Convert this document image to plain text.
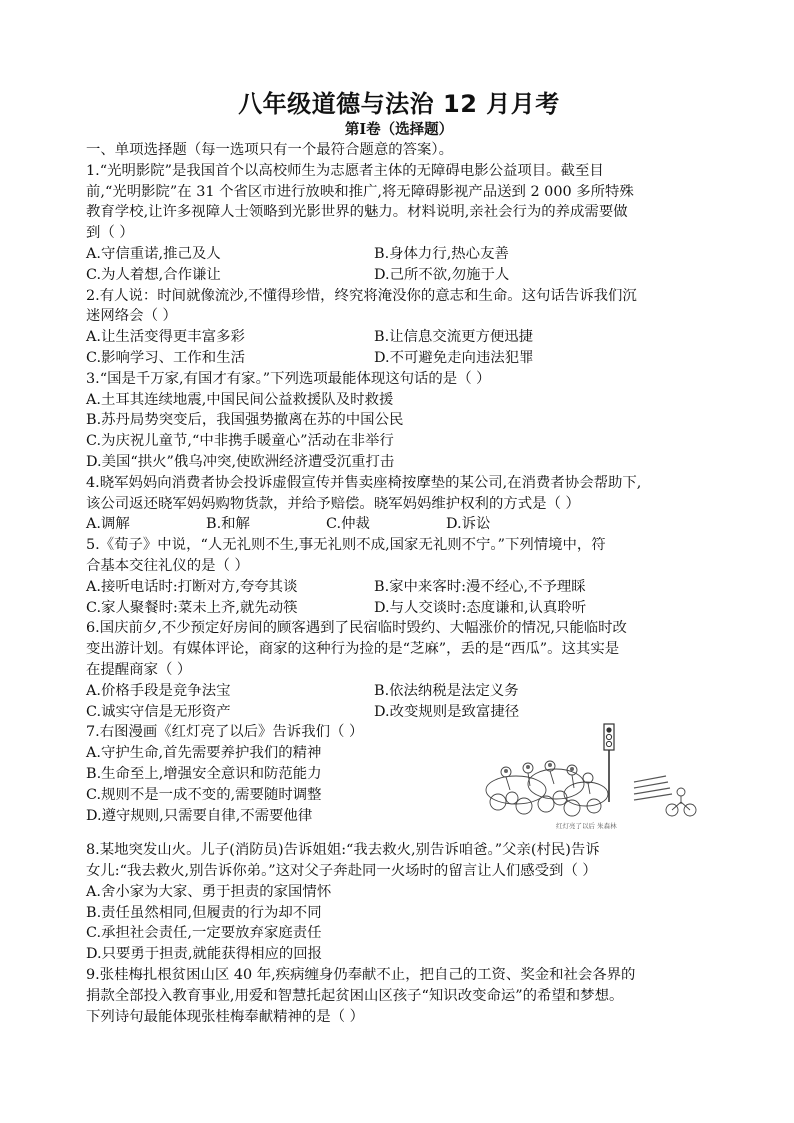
八年级道德与法治 12 月月考

第Ⅰ卷（选择题）

一、单项选择题（每一选项只有一个最符合题意的答案）。

1.“光明影院”是我国首个以高校师生为志愿者主体的无障碍电影公益项目。截至目

前,“光明影院”在 31 个省区市进行放映和推广,将无障碍影视产品送到 2 000 多所特殊

教育学校,让许多视障人士领略到光影世界的魅力。材料说明,亲社会行为的养成需要做

到（ ）

A.守信重诺,推己及人	B.身体力行,热心友善
C.为人着想,合作谦让	D.己所不欲,勿施于人

2.有人说：时间就像流沙,不懂得珍惜，终究将淹没你的意志和生命。这句话告诉我们沉

迷网络会（ ）

A.让生活变得更丰富多彩	B.让信息交流更方便迅捷
C.影响学习、工作和生活	D.不可避免走向违法犯罪

3.“国是千万家,有国才有家。”下列选项最能体现这句话的是（ ）

A.土耳其连续地震,中国民间公益救援队及时救援

B.苏丹局势突变后，我国强势撤离在苏的中国公民

C.为庆祝儿童节,“中非携手暖童心”活动在非举行

D.美国“拱火”俄乌冲突,使欧洲经济遭受沉重打击

4.晓军妈妈向消费者协会投诉虚假宣传并售卖座椅按摩垫的某公司,在消费者协会帮助下,

该公司返还晓军妈妈购物货款，并给予赔偿。晓军妈妈维护权利的方式是（ ）

A.调解	B.和解	C.仲裁	D.诉讼

5.《荀子》中说，“人无礼则不生,事无礼则不成,国家无礼则不宁。”下列情境中，符

合基本交往礼仪的是（ ）

A.接听电话时:打断对方,夸夸其谈	B.家中来客时:漫不经心,不予理睬
C.家人聚餐时:菜未上齐,就先动筷	D.与人交谈时:态度谦和,认真聆听

6.国庆前夕,不少预定好房间的顾客遇到了民宿临时毁约、大幅涨价的情况,只能临时改

变出游计划。有媒体评论，商家的这种行为捡的是“芝麻”，丢的是“西瓜”。这其实是

在提醒商家（ ）

A.价格手段是竞争法宝	B.依法纳税是法定义务
C.诚实守信是无形资产	D.改变规则是致富捷径

7.右图漫画《红灯亮了以后》告诉我们（ ）

A.守护生命,首先需要养护我们的精神

B.生命至上,增强安全意识和防范能力

C.规则不是一成不变的,需要随时调整

D.遵守规则,只需要自律,不需要他律

红灯亮了以后 朱森林

8.某地突发山火。儿子(消防员)告诉姐姐:“我去救火,别告诉咱爸。”父亲(村民)告诉

女儿:“我去救火,别告诉你弟。”这对父子奔赴同一火场时的留言让人们感受到（ ）

A.舍小家为大家、勇于担责的家国情怀

B.责任虽然相同,但履责的行为却不同

C.承担社会责任,一定要放弃家庭责任

D.只要勇于担责,就能获得相应的回报

9.张桂梅扎根贫困山区 40 年,疾病缠身仍奉献不止，把自己的工资、奖金和社会各界的

捐款全部投入教育事业,用爱和智慧托起贫困山区孩子“知识改变命运”的希望和梦想。

下列诗句最能体现张桂梅奉献精神的是（ ）
